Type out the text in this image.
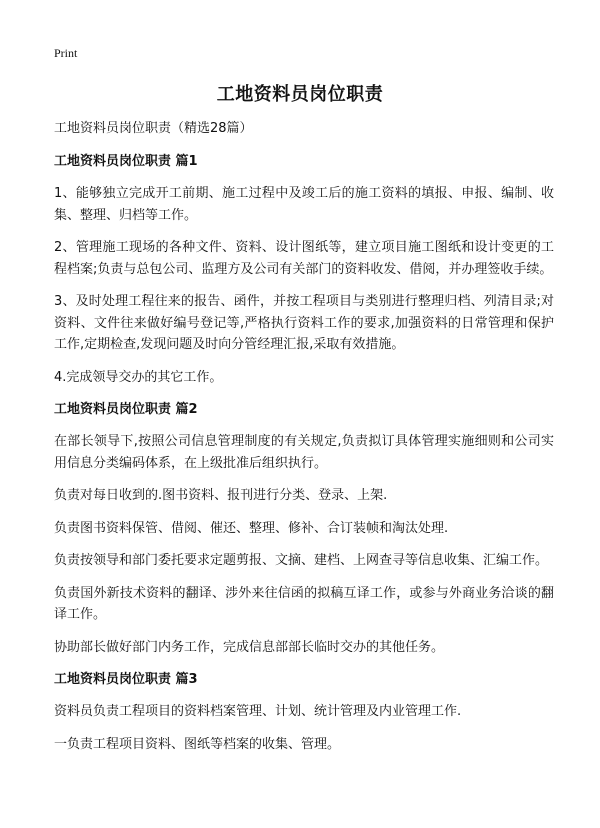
Print
工地资料员岗位职责

工地资料员岗位职责（精选28篇）

工地资料员岗位职责 篇1

1、能够独立完成开工前期、施工过程中及竣工后的施工资料的填报、申报、编制、收集、整理、归档等工作。

2、管理施工现场的各种文件、资料、设计图纸等，建立项目施工图纸和设计变更的工程档案;负责与总包公司、监理方及公司有关部门的资料收发、借阅，并办理签收手续。

3、及时处理工程往来的报告、函件，并按工程项目与类别进行整理归档、列清目录;对资料、文件往来做好编号登记等,严格执行资料工作的要求,加强资料的日常管理和保护工作,定期检查,发现问题及时向分管经理汇报,采取有效措施。

4.完成领导交办的其它工作。

工地资料员岗位职责 篇2

在部长领导下,按照公司信息管理制度的有关规定,负责拟订具体管理实施细则和公司实用信息分类编码体系，在上级批准后组织执行。

负责对每日收到的.图书资料、报刊进行分类、登录、上架.

负责图书资料保管、借阅、催还、整理、修补、合订装帧和淘汰处理.

负责按领导和部门委托要求定题剪报、文摘、建档、上网查寻等信息收集、汇编工作。

负责国外新技术资料的翻译、涉外来往信函的拟稿互译工作，或参与外商业务洽谈的翻译工作。

协助部长做好部门内务工作，完成信息部部长临时交办的其他任务。

工地资料员岗位职责 篇3

资料员负责工程项目的资料档案管理、计划、统计管理及内业管理工作.

一负责工程项目资料、图纸等档案的收集、管理。
